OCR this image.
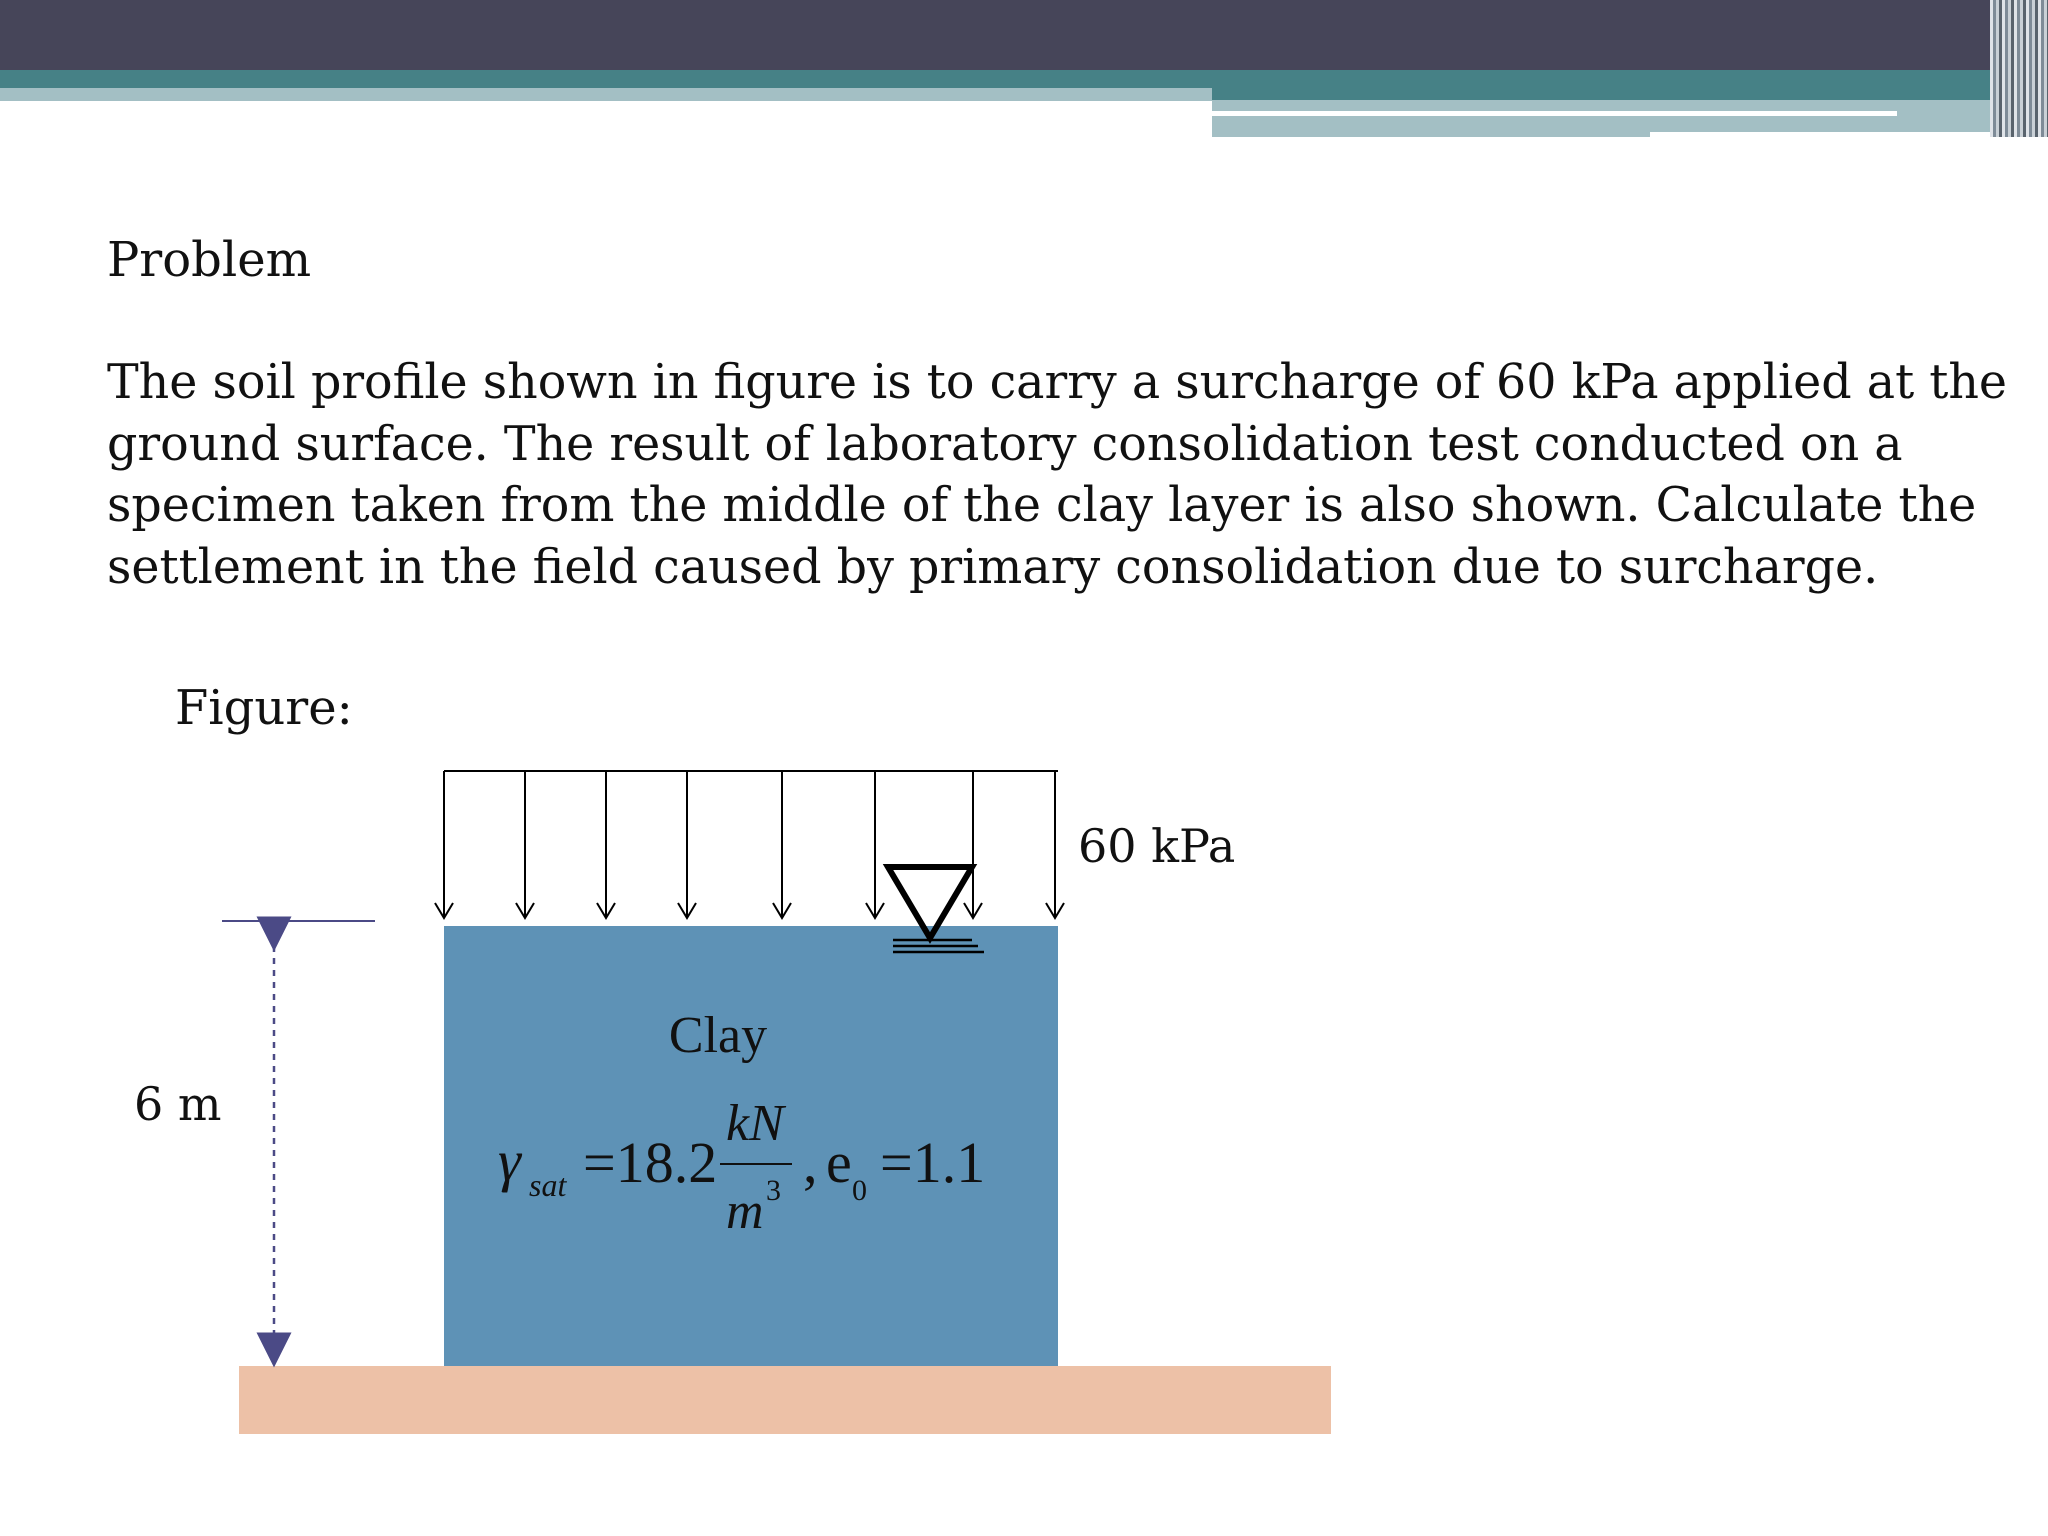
Problem
The soil profile shown in figure is to carry a surcharge of 60 kPa applied at the
ground surface. The result of laboratory consolidation test conducted on a
specimen taken from the middle of the clay layer is also shown. Calculate the
settlement in the field caused by primary consolidation due to surcharge.
Figure:
60 kPa
6 m
Clay
γ sat =18.2
kN
m 3 , e 0 =1.1
